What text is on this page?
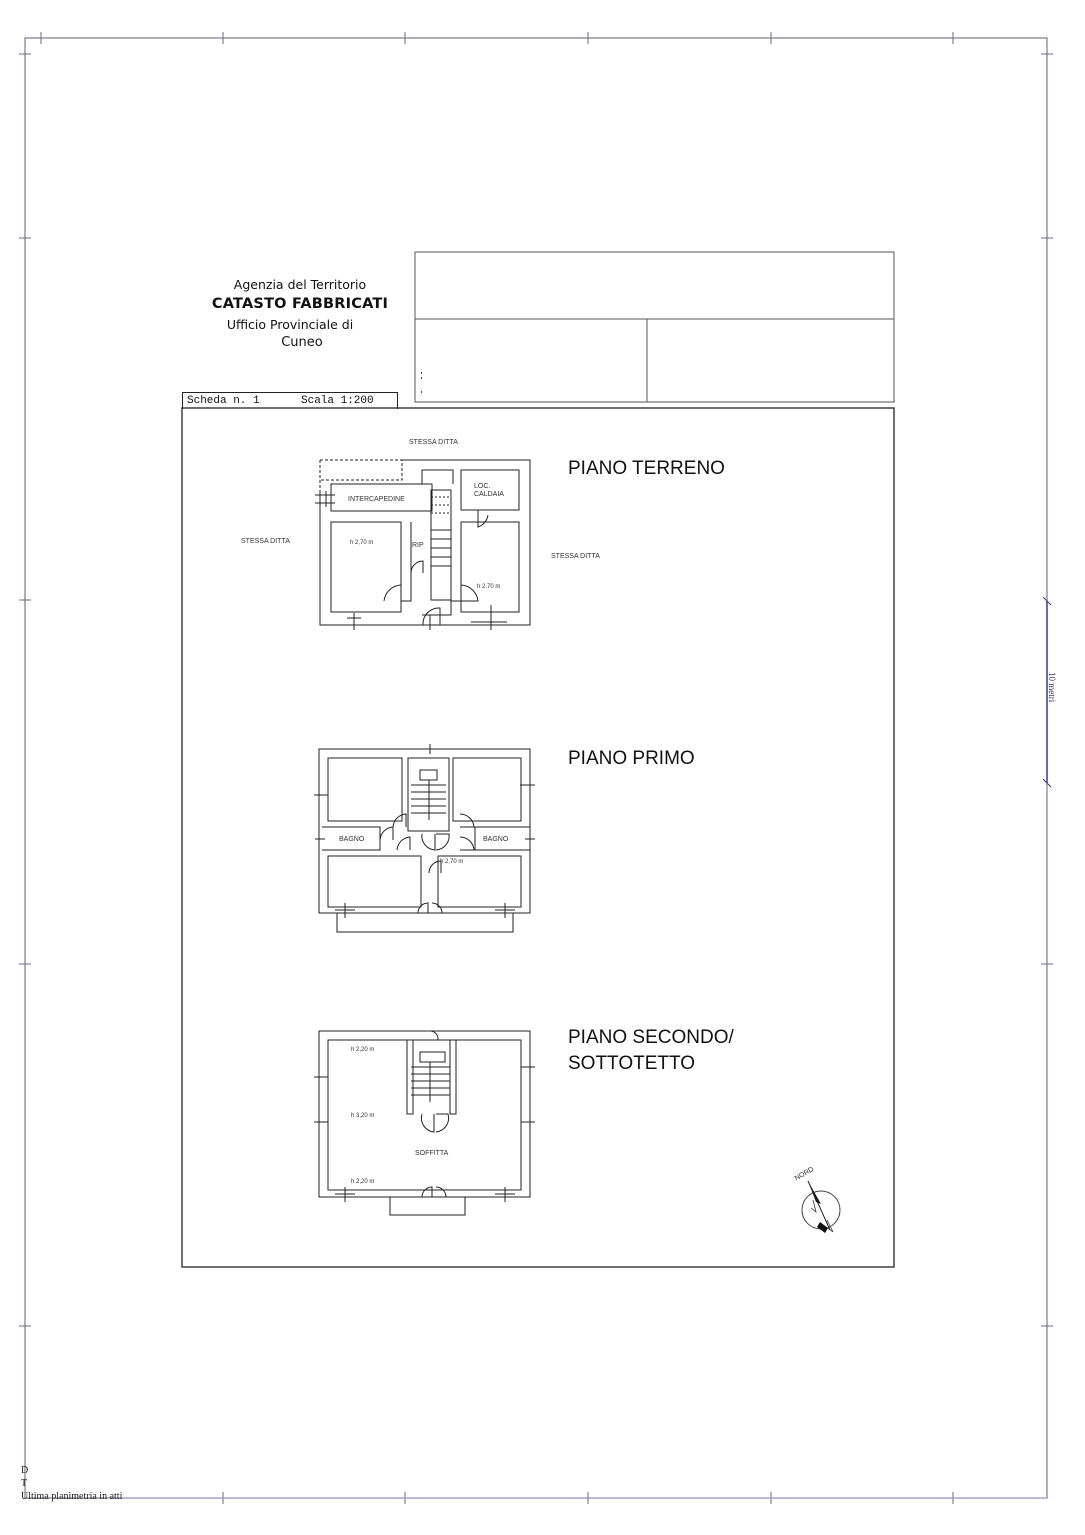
Agenzia del Territorio
CATASTO FABBRICATI
Ufficio Provinciale di
Cuneo
Scheda n. 1	Scala 1:200
PIANO TERRENO
PIANO PRIMO
PIANO SECONDO/
SOTTOTETTO
STESSA DITTA
STESSA DITTA
STESSA DITTA
INTERCAPEDINE
LOC.
CALDAIA
RIP
h 2,70 m
h 2,70 m
BAGNO	BAGNO
h 2,70 m
h 2,20 m
h 3,20 m
h 2,20 m
SOFFITTA
NORD
10 metri
D
T
Ultima planimetria in atti
